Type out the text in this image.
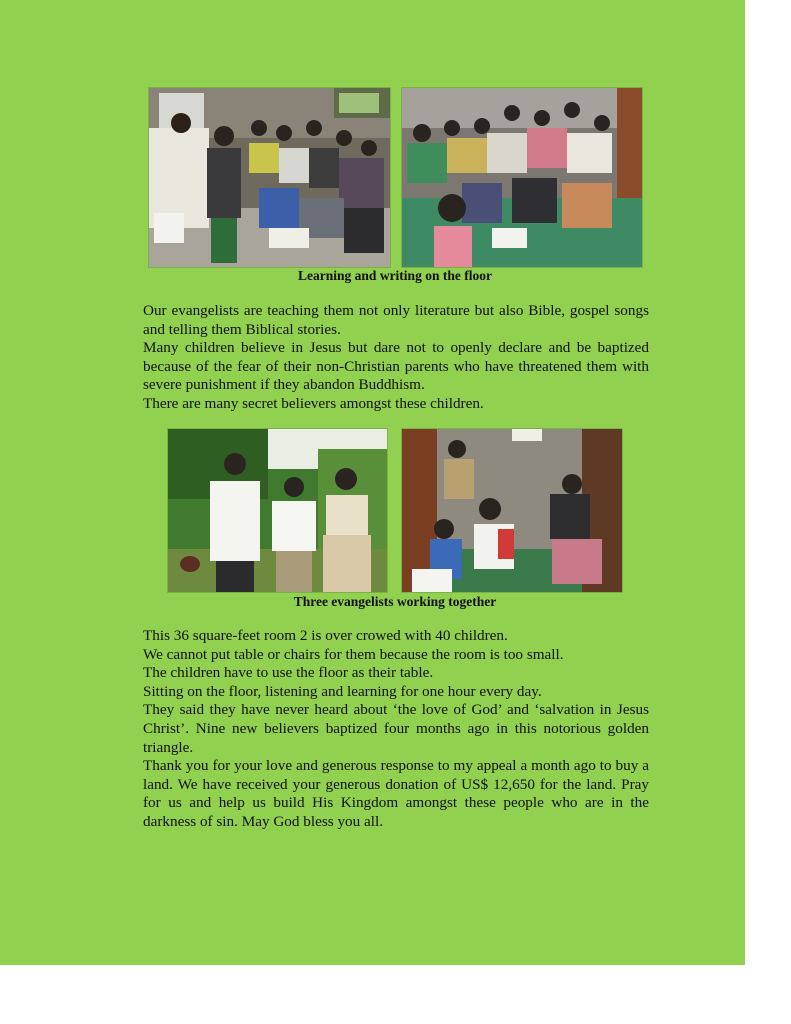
Learning and writing on the floor

Our evangelists are teaching them not only literature but also Bible, gospel songs and telling them Biblical stories.

Many children believe in Jesus but dare not to openly declare and be baptized because of the fear of their non-Christian parents who have threatened them with severe punishment if they abandon Buddhism.

There are many secret believers amongst these children.

Three evangelists working together

This 36 square-feet room 2 is over crowed with 40 children.

We cannot put table or chairs for them because the room is too small.

The children have to use the floor as their table.

Sitting on the floor, listening and learning for one hour every day.

They said they have never heard about ‘the love of God’ and ‘salvation in Jesus Christ’. Nine new believers baptized four months ago in this notorious golden triangle.

Thank you for your love and generous response to my appeal a month ago to buy a land. We have received your generous donation of US$ 12,650 for the land. Pray for us and help us build His Kingdom amongst these people who are in the darkness of sin. May God bless you all.
